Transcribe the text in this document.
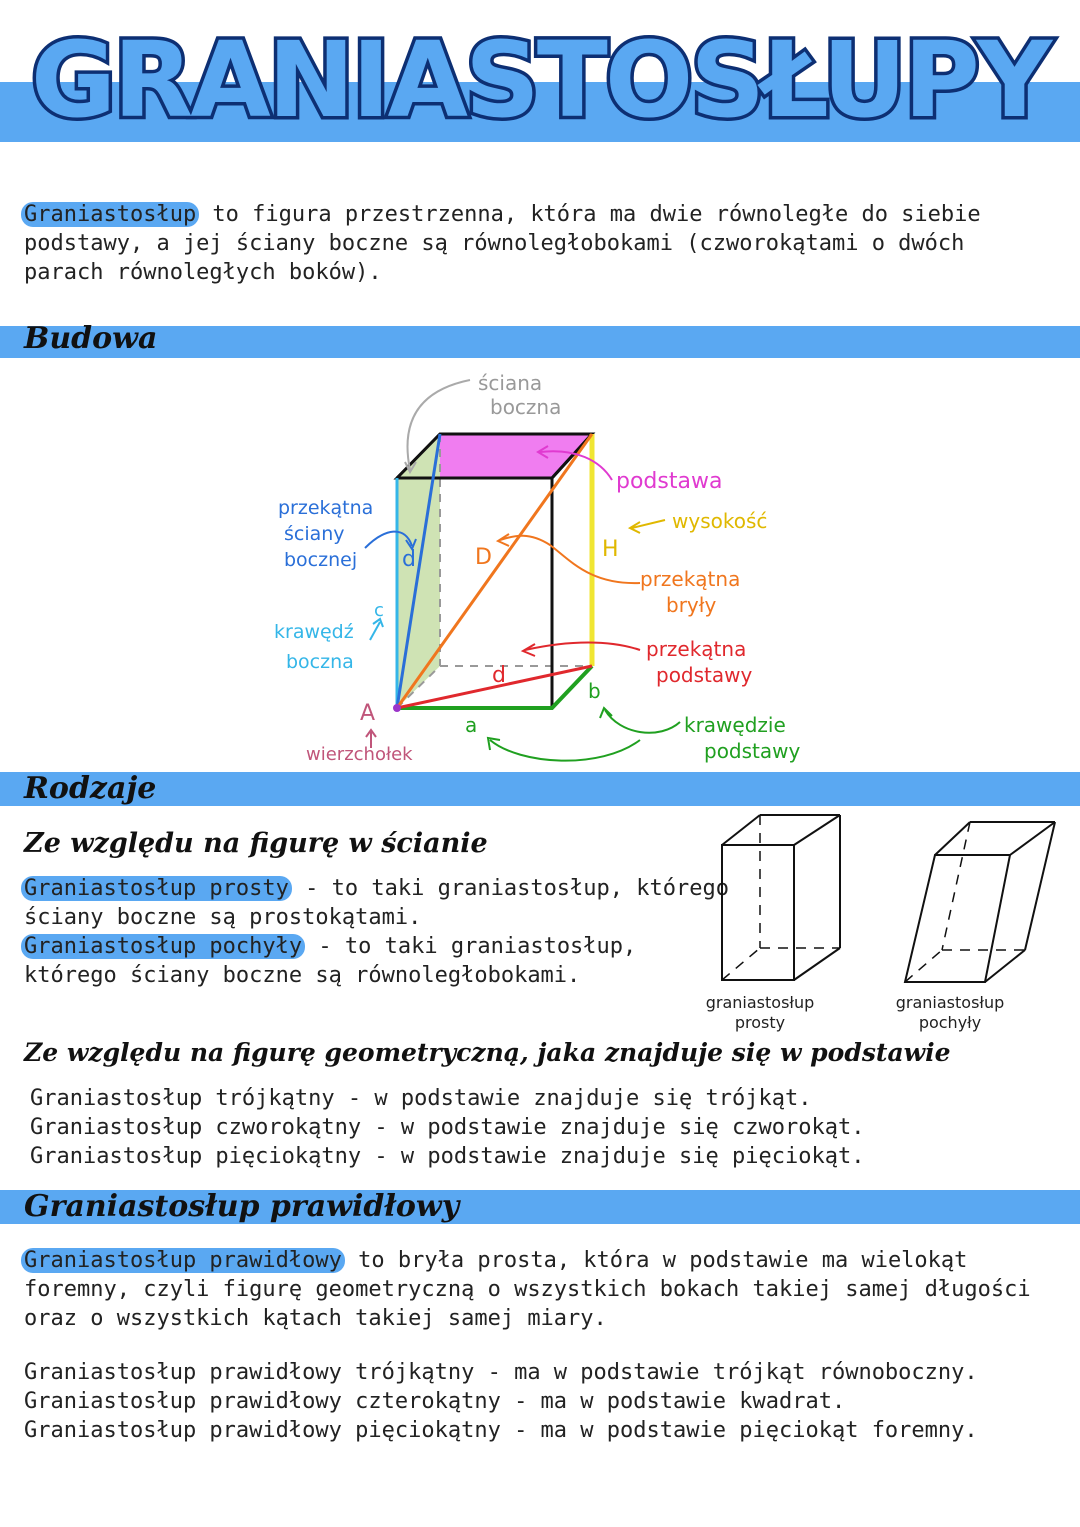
GRANIASTOSŁUPY

Graniastosłup to figura przestrzenna, która ma dwie równoległe do siebie
podstawy, a jej ściany boczne są równoległobokami (czworokątami o dwóch
parach równoległych boków).

Budowa
ściana
boczna
podstawa
wysokość
H
D
d
d
c
a
b
A
przekątna
bryły
przekątna
podstawy
krawędzie
podstawy
przekątna
ściany
bocznej
krawędź
boczna
wierzchołek
Rodzaje
Ze względu na figurę w ścianie

Graniastosłup prosty - to taki graniastosłup, którego
ściany boczne są prostokątami.
Graniastosłup pochyły - to taki graniastosłup,
którego ściany boczne są równoległobokami.

graniastosłup
prosty
graniastosłup
pochyły
Ze względu na figurę geometryczną, jaka znajduje się w podstawie

Graniastosłup trójkątny - w podstawie znajduje się trójkąt.
Graniastosłup czworokątny - w podstawie znajduje się czworokąt.
Graniastosłup pięciokątny - w podstawie znajduje się pięciokąt.

Graniastosłup prawidłowy

Graniastosłup prawidłowy to bryła prosta, która w podstawie ma wielokąt
foremny, czyli figurę geometryczną o wszystkich bokach takiej samej długości
oraz o wszystkich kątach takiej samej miary.

Graniastosłup prawidłowy trójkątny - ma w podstawie trójkąt równoboczny.
Graniastosłup prawidłowy czterokątny - ma w podstawie kwadrat.
Graniastosłup prawidłowy pięciokątny - ma w podstawie pięciokąt foremny.
